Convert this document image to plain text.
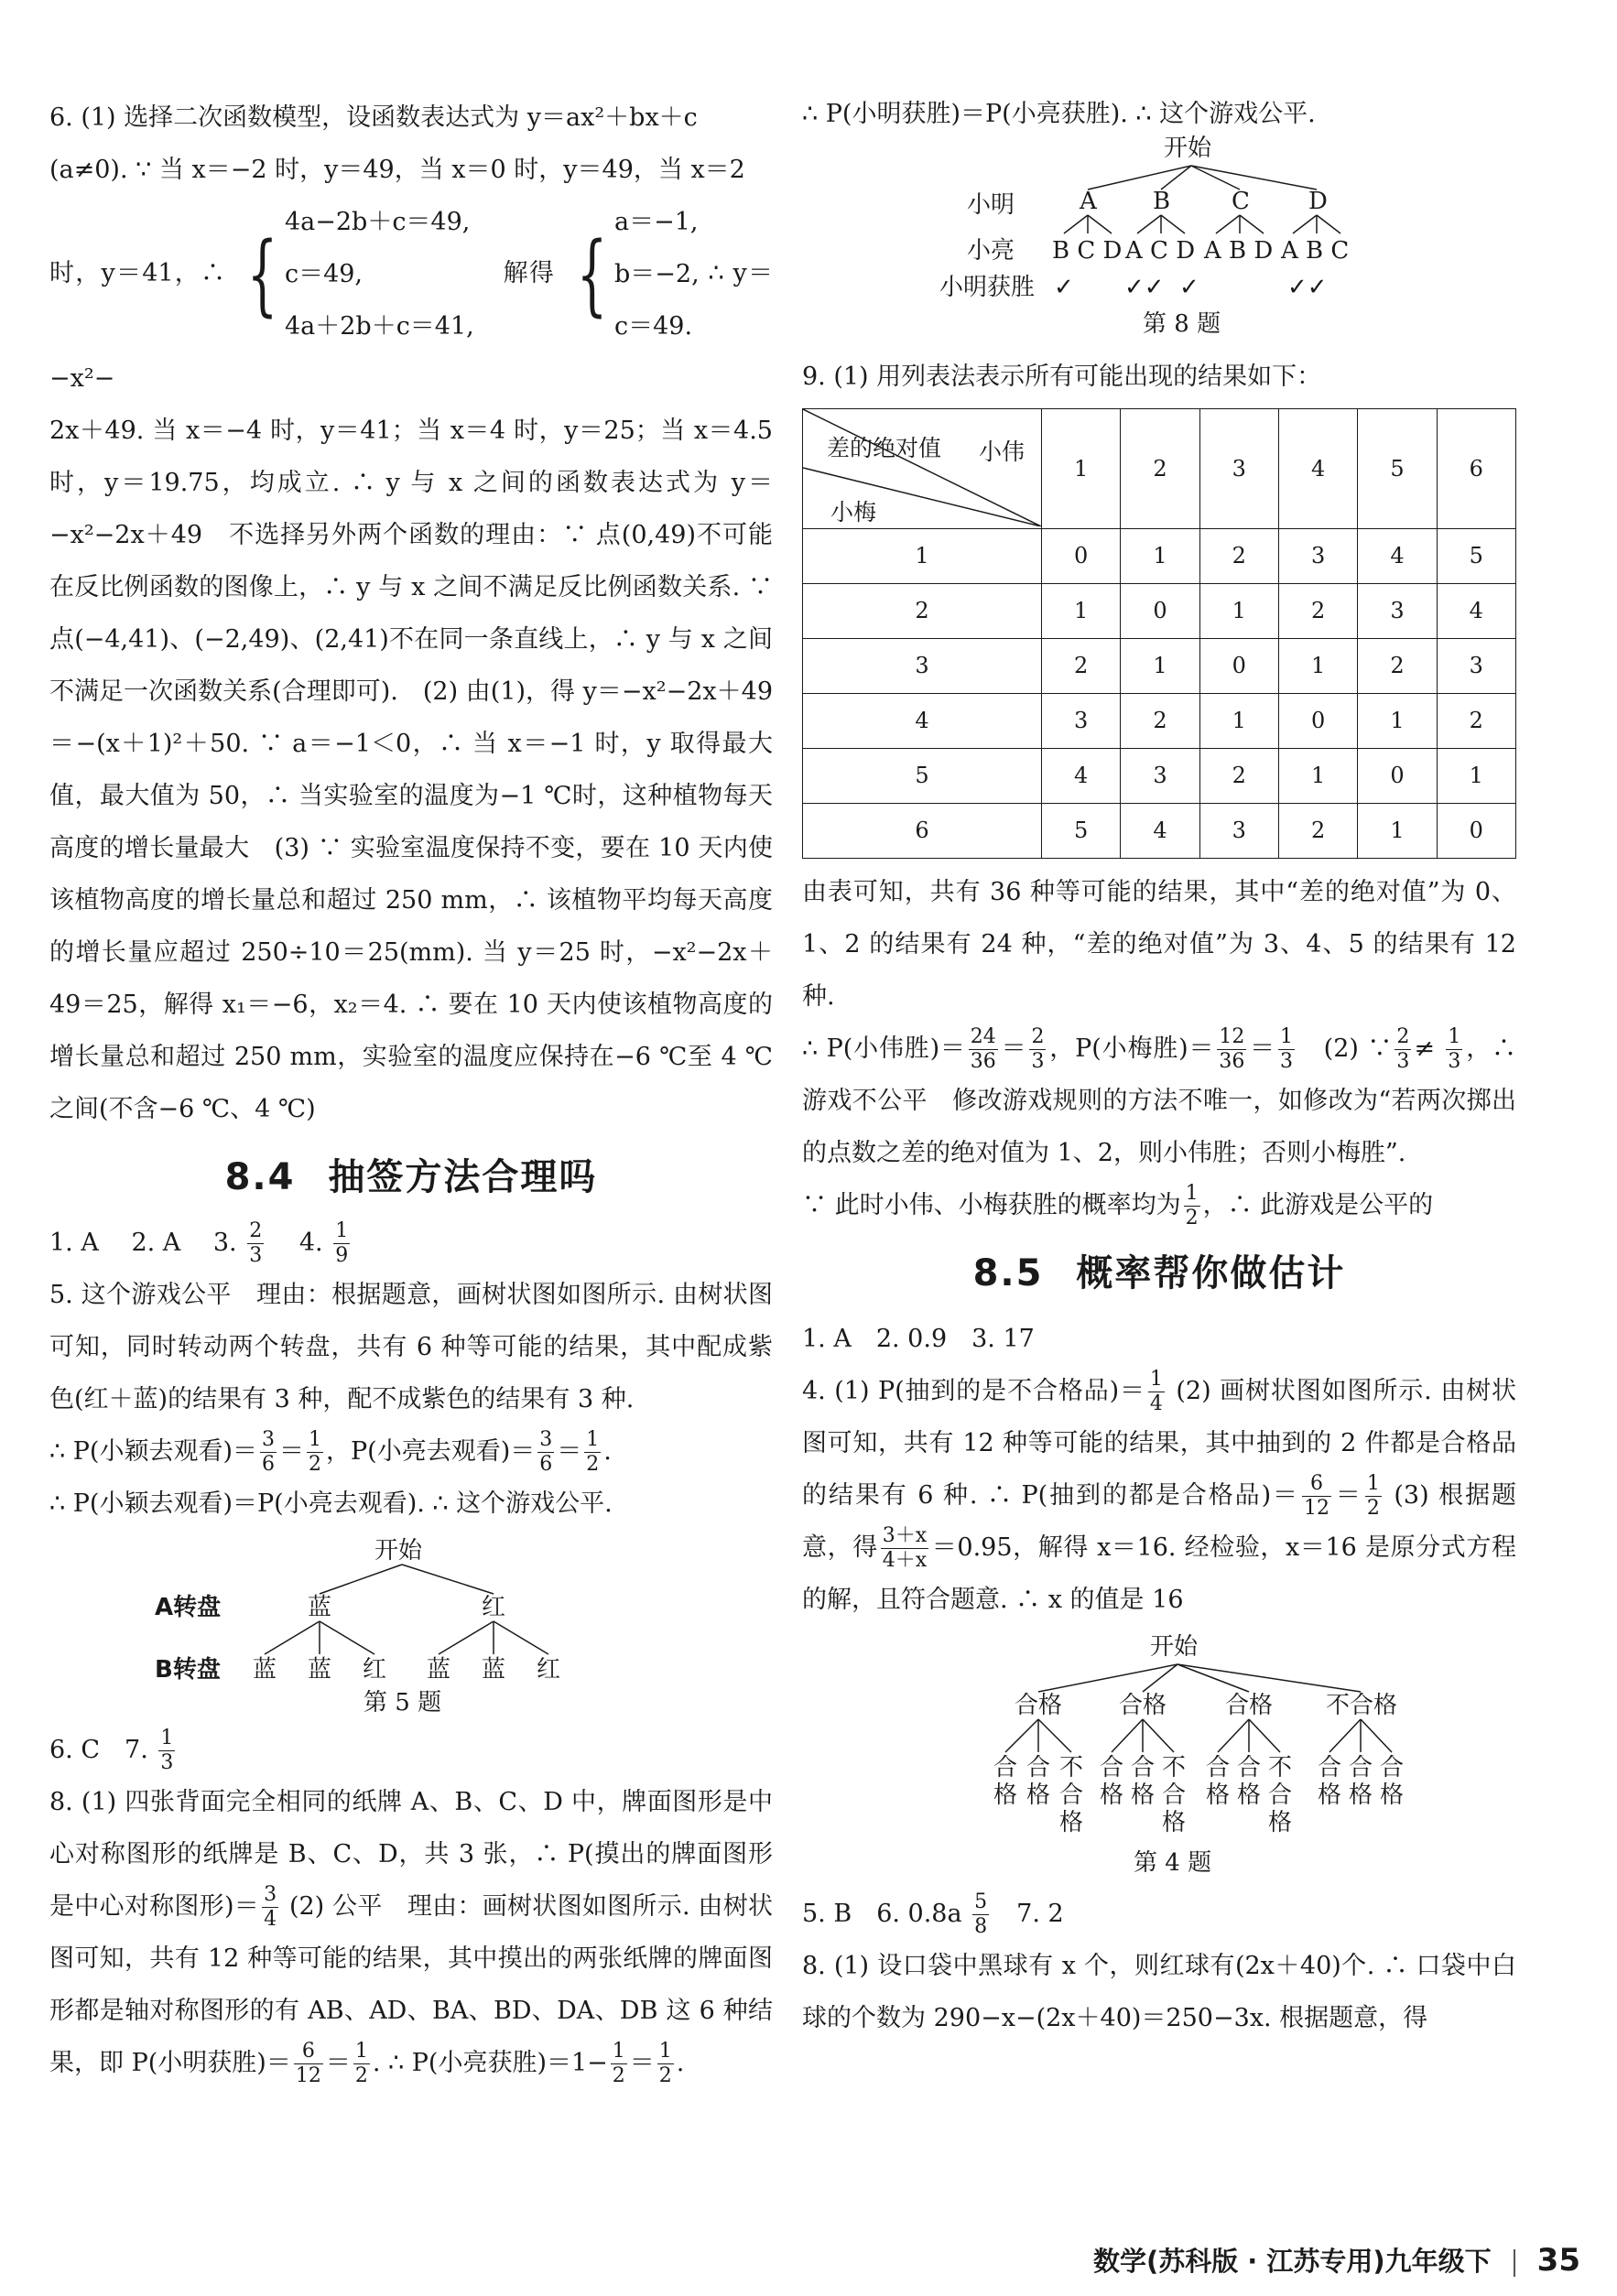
6. (1) 选择二次函数模型，设函数表达式为 y＝ax²＋bx＋c

(a≠0). ∵ 当 x＝−2 时，y＝49，当 x＝0 时，y＝49，当 x＝2

时，y＝41，∴ {
4a−2b＋c＝49,
c＝49,
4a＋2b＋c＝41,
解得 {
a＝−1,
b＝−2,
c＝49.
∴ y＝−x²−

2x＋49. 当 x＝−4 时，y＝41；当 x＝4 时，y＝25；当 x＝4.5 时，y＝19.75，均成立. ∴ y 与 x 之间的函数表达式为 y＝−x²−2x＋49　不选择另外两个函数的理由：∵ 点(0,49)不可能在反比例函数的图像上，∴ y 与 x 之间不满足反比例函数关系. ∵ 点(−4,41)、(−2,49)、(2,41)不在同一条直线上，∴ y 与 x 之间不满足一次函数关系(合理即可).　(2) 由(1)，得 y＝−x²−2x＋49＝−(x＋1)²＋50. ∵ a＝−1＜0，∴ 当 x＝−1 时，y 取得最大值，最大值为 50，∴ 当实验室的温度为−1 ℃时，这种植物每天高度的增长量最大　(3) ∵ 实验室温度保持不变，要在 10 天内使该植物高度的增长量总和超过 250 mm，∴ 该植物平均每天高度的增长量应超过 250÷10＝25(mm). 当 y＝25 时，−x²−2x＋49＝25，解得 x₁＝−6，x₂＝4. ∴ 要在 10 天内使该植物高度的增长量总和超过 250 mm，实验室的温度应保持在−6 ℃至 4 ℃之间(不含−6 ℃、4 ℃)

8.4 抽签方法合理吗

1. A　 2. A　 3. $\frac{2}{3}$
　 4. $\frac{1}{9}$

5. 这个游戏公平　理由：根据题意，画树状图如图所示. 由树状图可知，同时转动两个转盘，共有 6 种等可能的结果，其中配成紫色(红＋蓝)的结果有 3 种，配不成紫色的结果有 3 种.

∴ P(小颖去观看)＝ $\frac{3}{6} = \frac{1}{2}$ ，P(小亮去观看)＝ $\frac{3}{6} = \frac{1}{2}$ .

∴ P(小颖去观看)＝P(小亮去观看). ∴ 这个游戏公平.

开始
A转盘
B转盘
蓝	红
蓝 蓝 红 蓝 蓝 红
第 5 题

6. C　 7. $\frac{1}{3}$

8. (1) 四张背面完全相同的纸牌 A、B、C、D 中，牌面图形是中心对称图形的纸牌是 B、C、D，共 3 张，∴ P(摸出的牌面图形是中心对称图形)＝ $\frac{3}{4} (2)$ 公平　理由：画树状图如图所示. 由树状图可知，共有 12 种等可能的结果，其中摸出的两张纸牌的牌面图形都是轴对称图形的有 AB、AD、BA、BD、DA、DB 这 6 种结果，即 P(小明获胜)＝ $\frac{6}{12} = \frac{1}{2}$ . ∴ P(小亮获胜)$=1- \frac{1}{2} = \frac{1}{2}$ .

∴ P(小明获胜)＝P(小亮获胜). ∴ 这个游戏公平.

开始
小明
小亮
小明获胜
A B	C D
B C D A C D A B D A B C
✓ ✓✓ ✓	✓✓
第 8 题

9. (1) 用列表法表示所有可能出现的结果如下：

差的绝对值 小伟
小梅	1	2	3	4	5	6
1	0	1	2	3	4	5
2	1	0	1	2	3	4
3	2	1	0	1	2	3
4	3	2	1	0	1	2
5	4	3	2	1	0	1
6	5	4	3	2	1	0

由表可知，共有 36 种等可能的结果，其中“差的绝对值”为 0、1、2 的结果有 24 种，“差的绝对值”为 3、4、5 的结果有 12 种.

∴ P(小伟胜)＝ $\frac{24}{36} = \frac{2}{3}$ ，P(小梅胜)＝ $\frac{12}{36} = \frac{1}{3}$ 　(2) ∵ $\frac{2}{3} \ne \frac{1}{3}$ ，∴ 游戏不公平　修改游戏规则的方法不唯一，如修改为“若两次掷出的点数之差的绝对值为 1、2，则小伟胜；否则小梅胜”.

∵ 此时小伟、小梅获胜的概率均为 $\frac{1}{2}$ ，∴ 此游戏是公平的

8.5 概率帮你做估计

1. A　2. 0.9　3. 17

4. (1) P(抽到的是不合格品)＝ $\frac{1}{4} (2)$ 画树状图如图所示. 由树状图可知，共有 12 种等可能的结果，其中抽到的 2 件都是合格品的结果有 6 种. ∴ P(抽到的都是合格品)＝ $\frac{6}{12} = \frac{1}{2} (3)$ 根据题意，得 $\frac{3+x}{4+x} =0.95$，解得 x＝16. 经检验，x＝16 是原分式方程的解，且符合题意. ∴ x 的值是 16

开始
合格 合格 合格 不合格
合
格
合
格
不
合
格
合
格
合
格
不
合
格
合
格
合
格
不
合
格
合
格
合
格
合
格
第 4 题

5. B　 6. $0.8a \frac{5}{8}$
　 7. 2

8. (1) 设口袋中黑球有 x 个，则红球有(2x＋40)个. ∴ 口袋中白球的个数为 290−x−(2x＋40)＝250−3x. 根据题意，得

数学(苏科版 · 江苏专用)九年级下 35
